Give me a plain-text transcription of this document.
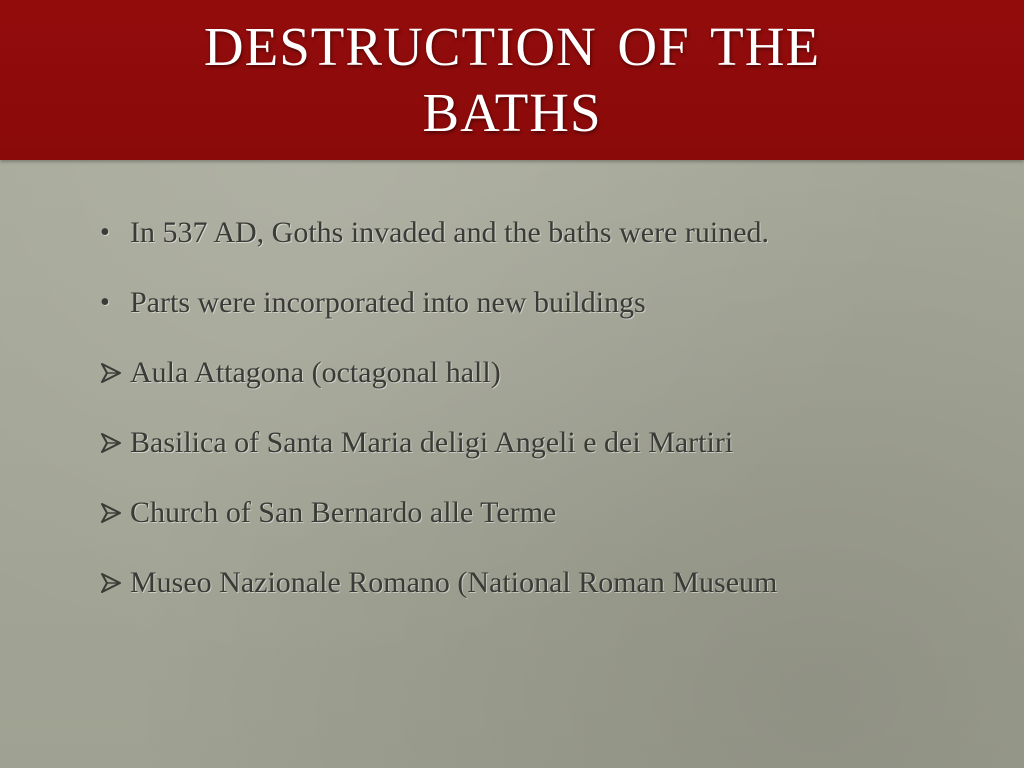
destruction of the
baths
• In 537 AD, Goths invaded and the baths were ruined.
• Parts were incorporated into new buildings
Aula Attagona (octagonal hall)
Basilica of Santa Maria deligi Angeli e dei Martiri
Church of San Bernardo alle Terme
Museo Nazionale Romano (National Roman Museum
